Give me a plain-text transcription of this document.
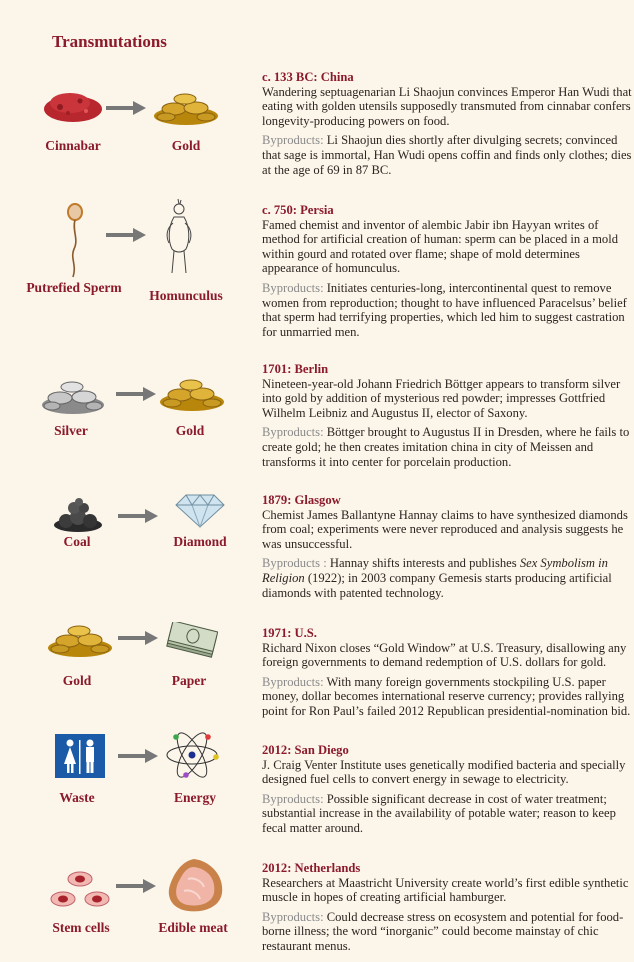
Transmutations
Cinnabar	Gold

c. 133 BC: China

Wandering septuagenarian Li Shaojun convinces Emperor Han Wudi that eating with golden utensils supposedly transmuted from cinnabar confers longevity-producing powers on food.

Byproducts: Li Shaojun dies shortly after divulging secrets; convinced that sage is immortal, Han Wudi opens coffin and finds only clothes; dies at the age of 69 in 87 BC.

Putrefied Sperm
Homunculus

c. 750: Persia

Famed chemist and inventor of alembic Jabir ibn Hayyan writes of method for artificial creation of human: sperm can be placed in a mold within gourd and rotated over flame; shape of mold determines appearance of homunculus.

Byproducts: Initiates centuries-long, intercontinental quest to remove women from reproduction; thought to have influenced Paracelsus’ belief that sperm had terrifying properties, which led him to suggest castration for unmarried men.

Silver	Gold

1701: Berlin

Nineteen-year-old Johann Friedrich Böttger appears to transform silver into gold by addition of mysterious red powder; impresses Gottfried Wilhelm Leibniz and Augustus II, elector of Saxony.

Byproducts: Böttger brought to Augustus II in Dresden, where he fails to create gold; he then creates imitation china in city of Meissen and transforms it into center for porcelain production.

Coal	Diamond

1879: Glasgow

Chemist James Ballantyne Hannay claims to have synthesized diamonds from coal; experiments were never reproduced and analysis suggests he was unsuccessful.

Byproducts : Hannay shifts interests and publishes Sex Symbolism in Religion (1922); in 2003 company Gemesis starts producing artificial diamonds with patented technology.

Gold	Paper

1971: U.S.

Richard Nixon closes “Gold Window” at U.S. Treasury, disallowing any foreign governments to demand redemption of U.S. dollars for gold.

Byproducts: With many foreign governments stockpiling U.S. paper money, dollar becomes international reserve currency; provides rallying point for Ron Paul’s failed 2012 Republican presidential-nomination bid.

Waste	Energy

2012: San Diego

J. Craig Venter Institute uses genetically modified bacteria and specially designed fuel cells to convert energy in sewage to electricity.

Byproducts: Possible significant decrease in cost of water treatment; substantial increase in the availability of potable water; reason to keep fecal matter around.

Stem cells	Edible meat

2012: Netherlands

Researchers at Maastricht University create world’s first edible synthetic muscle in hopes of creating artificial hamburger.

Byproducts: Could decrease stress on ecosystem and potential for food-borne illness; the word “inorganic” could become mainstay of chic restaurant menus.
